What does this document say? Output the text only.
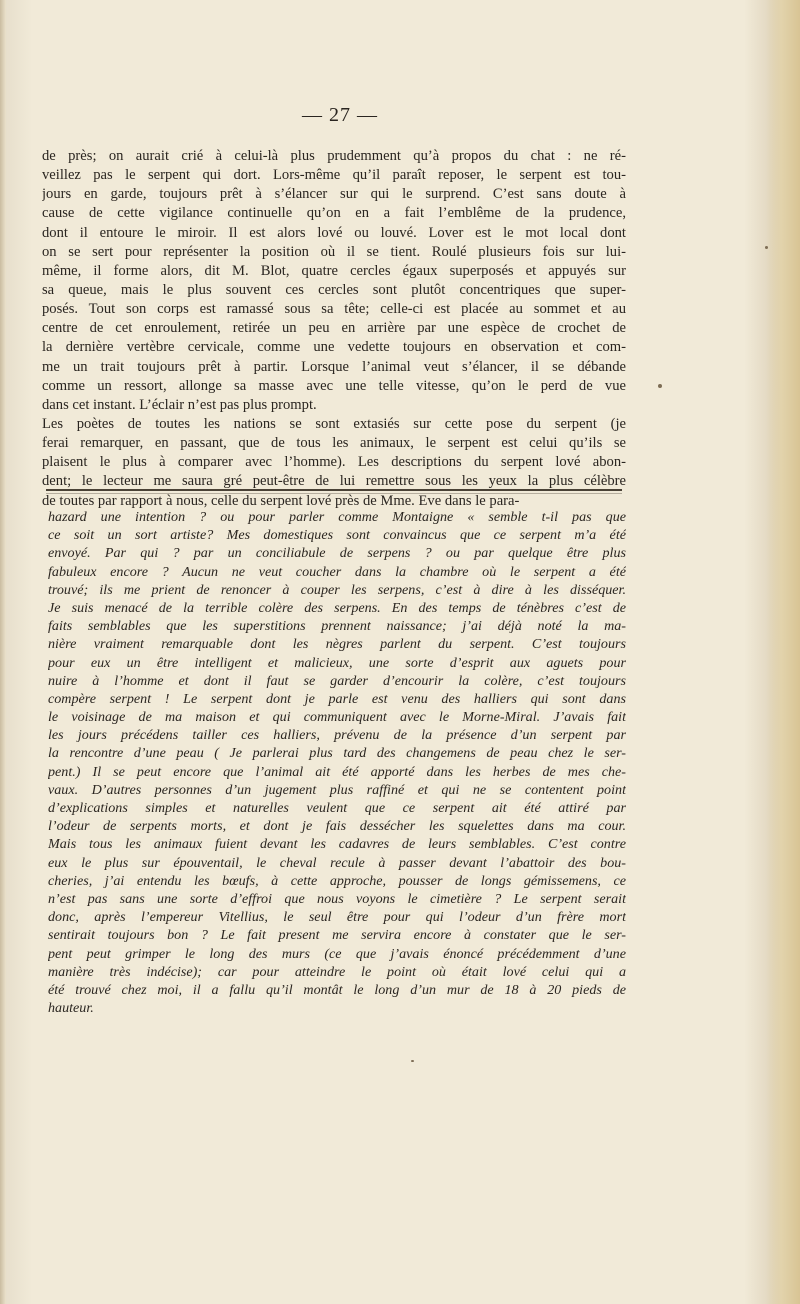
— 27 —
de près; on aurait crié à celui-là plus prudemment qu’à propos du chat : ne ré-
veillez pas le serpent qui dort. Lors-même qu’il paraît reposer, le serpent est tou-
jours en garde, toujours prêt à s’élancer sur qui le surprend. C’est sans doute à
cause de cette vigilance continuelle qu’on en a fait l’emblême de la prudence,
dont il entoure le miroir. Il est alors lové ou louvé. Lover est le mot local dont
on se sert pour représenter la position où il se tient. Roulé plusieurs fois sur lui-
même, il forme alors, dit M. Blot, quatre cercles égaux superposés et appuyés sur
sa queue, mais le plus souvent ces cercles sont plutôt concentriques que super-
posés. Tout son corps est ramassé sous sa tête; celle-ci est placée au sommet et au
centre de cet enroulement, retirée un peu en arrière par une espèce de crochet de
la dernière vertèbre cervicale, comme une vedette toujours en observation et com-
me un trait toujours prêt à partir. Lorsque l’animal veut s’élancer, il se débande
comme un ressort, allonge sa masse avec une telle vitesse, qu’on le perd de vue
dans cet instant. L’éclair n’est pas plus prompt.
Les poètes de toutes les nations se sont extasiés sur cette pose du serpent (je
ferai remarquer, en passant, que de tous les animaux, le serpent est celui qu’ils se
plaisent le plus à comparer avec l’homme). Les descriptions du serpent lové abon-
dent; le lecteur me saura gré peut-être de lui remettre sous les yeux la plus célèbre
de toutes par rapport à nous, celle du serpent lové près de Mme. Eve dans le para-
hazard une intention ? ou pour parler comme Montaigne « semble t-il pas que
ce soit un sort artiste? Mes domestiques sont convaincus que ce serpent m’a été
envoyé. Par qui ? par un conciliabule de serpens ? ou par quelque être plus
fabuleux encore ? Aucun ne veut coucher dans la chambre où le serpent a été
trouvé; ils me prient de renoncer à couper les serpens, c’est à dire à les disséquer.
Je suis menacé de la terrible colère des serpens. En des temps de ténèbres c’est de
faits semblables que les superstitions prennent naissance; j’ai déjà noté la ma-
nière vraiment remarquable dont les nègres parlent du serpent. C’est toujours
pour eux un être intelligent et malicieux, une sorte d’esprit aux aguets pour
nuire à l’homme et dont il faut se garder d’encourir la colère, c’est toujours
compère serpent ! Le serpent dont je parle est venu des halliers qui sont dans
le voisinage de ma maison et qui communiquent avec le Morne-Miral. J’avais fait
les jours précédens tailler ces halliers, prévenu de la présence d’un serpent par
la rencontre d’une peau ( Je parlerai plus tard des changemens de peau chez le ser-
pent.) Il se peut encore que l’animal ait été apporté dans les herbes de mes che-
vaux. D’autres personnes d’un jugement plus raffiné et qui ne se contentent point
d’explications simples et naturelles veulent que ce serpent ait été attiré par
l’odeur de serpents morts, et dont je fais dessécher les squelettes dans ma cour.
Mais tous les animaux fuient devant les cadavres de leurs semblables. C’est contre
eux le plus sur épouventail, le cheval recule à passer devant l’abattoir des bou-
cheries, j’ai entendu les bœufs, à cette approche, pousser de longs gémissemens, ce
n’est pas sans une sorte d’effroi que nous voyons le cimetière ? Le serpent serait
donc, après l’empereur Vitellius, le seul être pour qui l’odeur d’un frère mort
sentirait toujours bon ? Le fait present me servira encore à constater que le ser-
pent peut grimper le long des murs (ce que j’avais énoncé précédemment d’une
manière très indécise); car pour atteindre le point où était lové celui qui a
été trouvé chez moi, il a fallu qu’il montât le long d’un mur de 18 à 20 pieds de
hauteur.
